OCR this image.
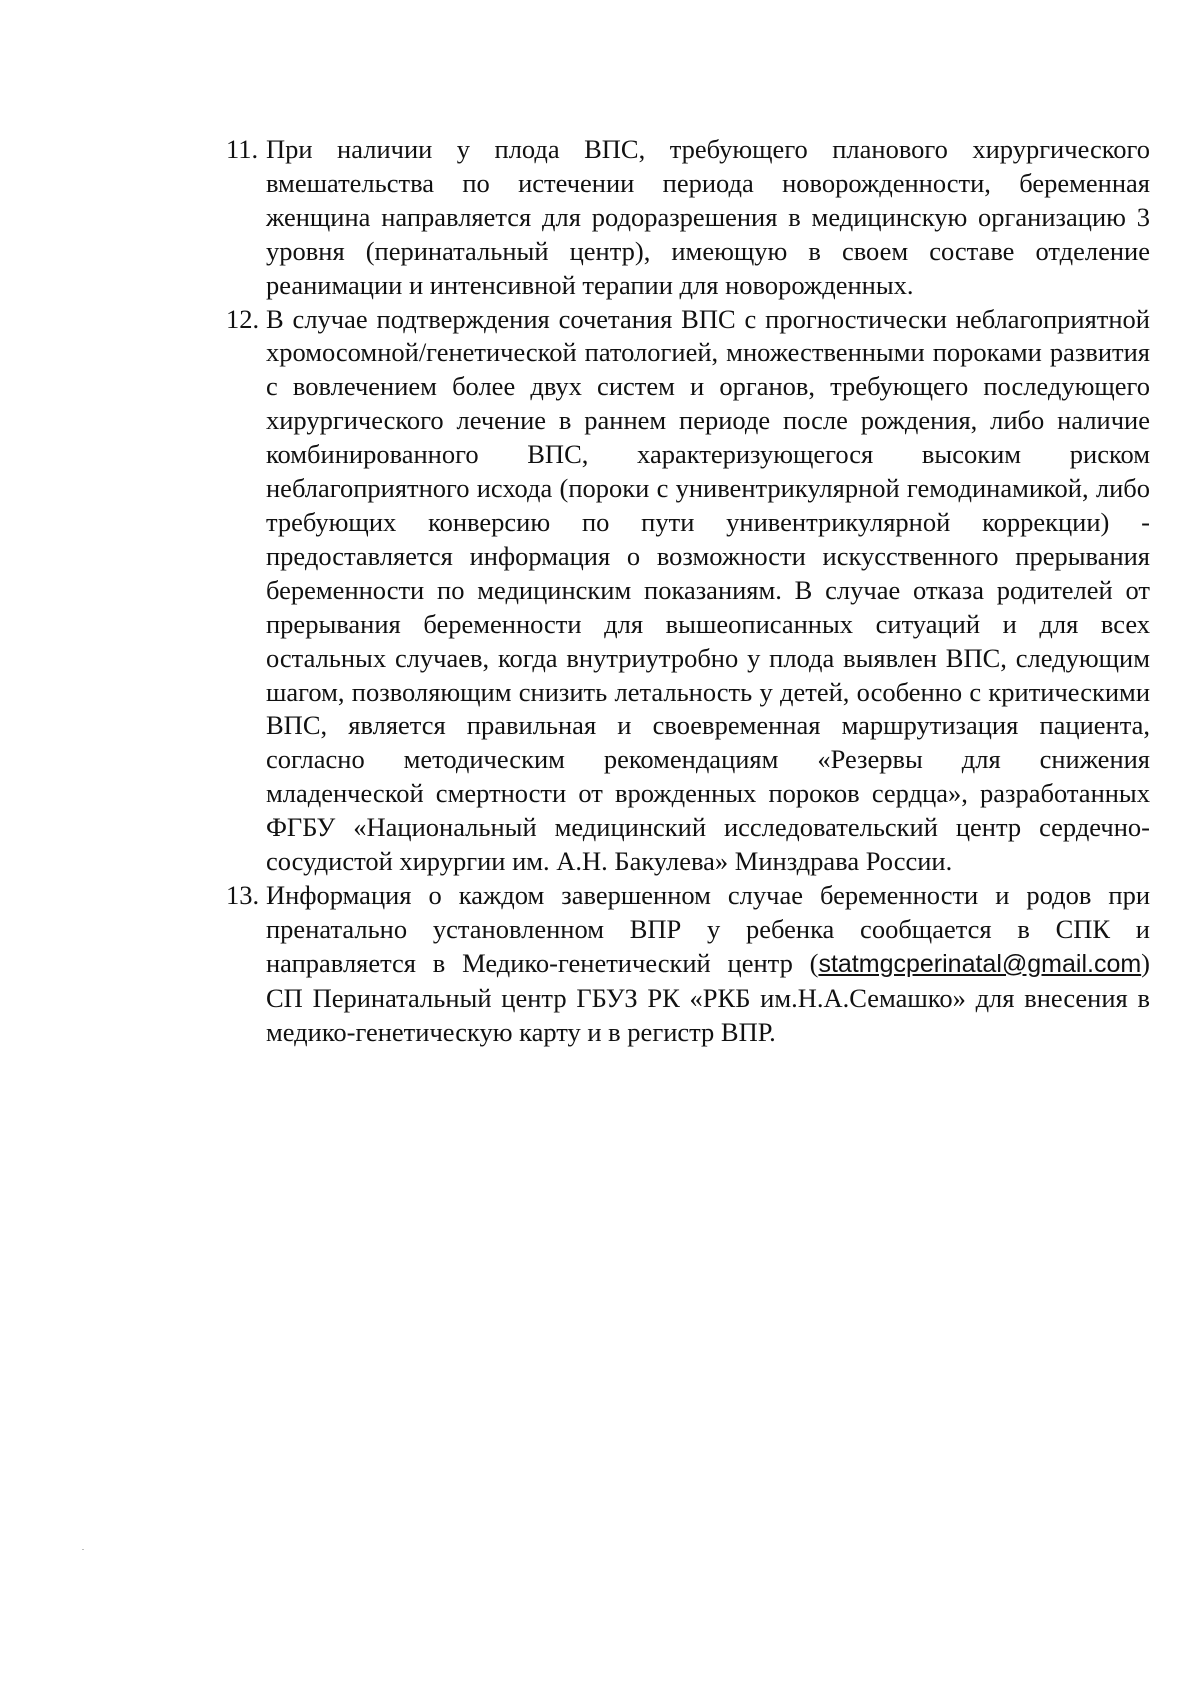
11. При наличии у плода ВПС, требующего планового хирургического вмешательства по истечении периода новорожденности, беременная женщина направляется для родоразрешения в медицинскую организацию 3 уровня (перинатальный центр), имеющую в своем составе отделение реанимации и интенсивной терапии для новорожденных.
12. В случае подтверждения сочетания ВПС с прогностически неблагоприятной хромосомной/генетической патологией, множественными пороками развития с вовлечением более двух систем и органов, требующего последующего хирургического лечение в раннем периоде после рождения, либо наличие комбинированного ВПС, характеризующегося высоким риском неблагоприятного исхода (пороки с унивентрикулярной гемодинамикой, либо требующих конверсию по пути унивентрикулярной коррекции) - предоставляется информация о возможности искусственного прерывания беременности по медицинским показаниям. В случае отказа родителей от прерывания беременности для вышеописанных ситуаций и для всех остальных случаев, когда внутриутробно у плода выявлен ВПС, следующим шагом, позволяющим снизить летальность у детей, особенно с критическими ВПС, является правильная и своевременная маршрутизация пациента, согласно методическим рекомендациям «Резервы для снижения младенческой смертности от врожденных пороков сердца», разработанных ФГБУ «Национальный медицинский исследовательский центр сердечно-сосудистой хирургии им. А.Н. Бакулева» Минздрава России.
13. Информация о каждом завершенном случае беременности и родов при пренатально установленном ВПР у ребенка сообщается в СПК и направляется в Медико-генетический центр (statmgcperinatal@gmail.com) СП Перинатальный центр ГБУЗ РК «РКБ им.Н.А.Семашко» для внесения в медико-генетическую карту и в регистр ВПР.
